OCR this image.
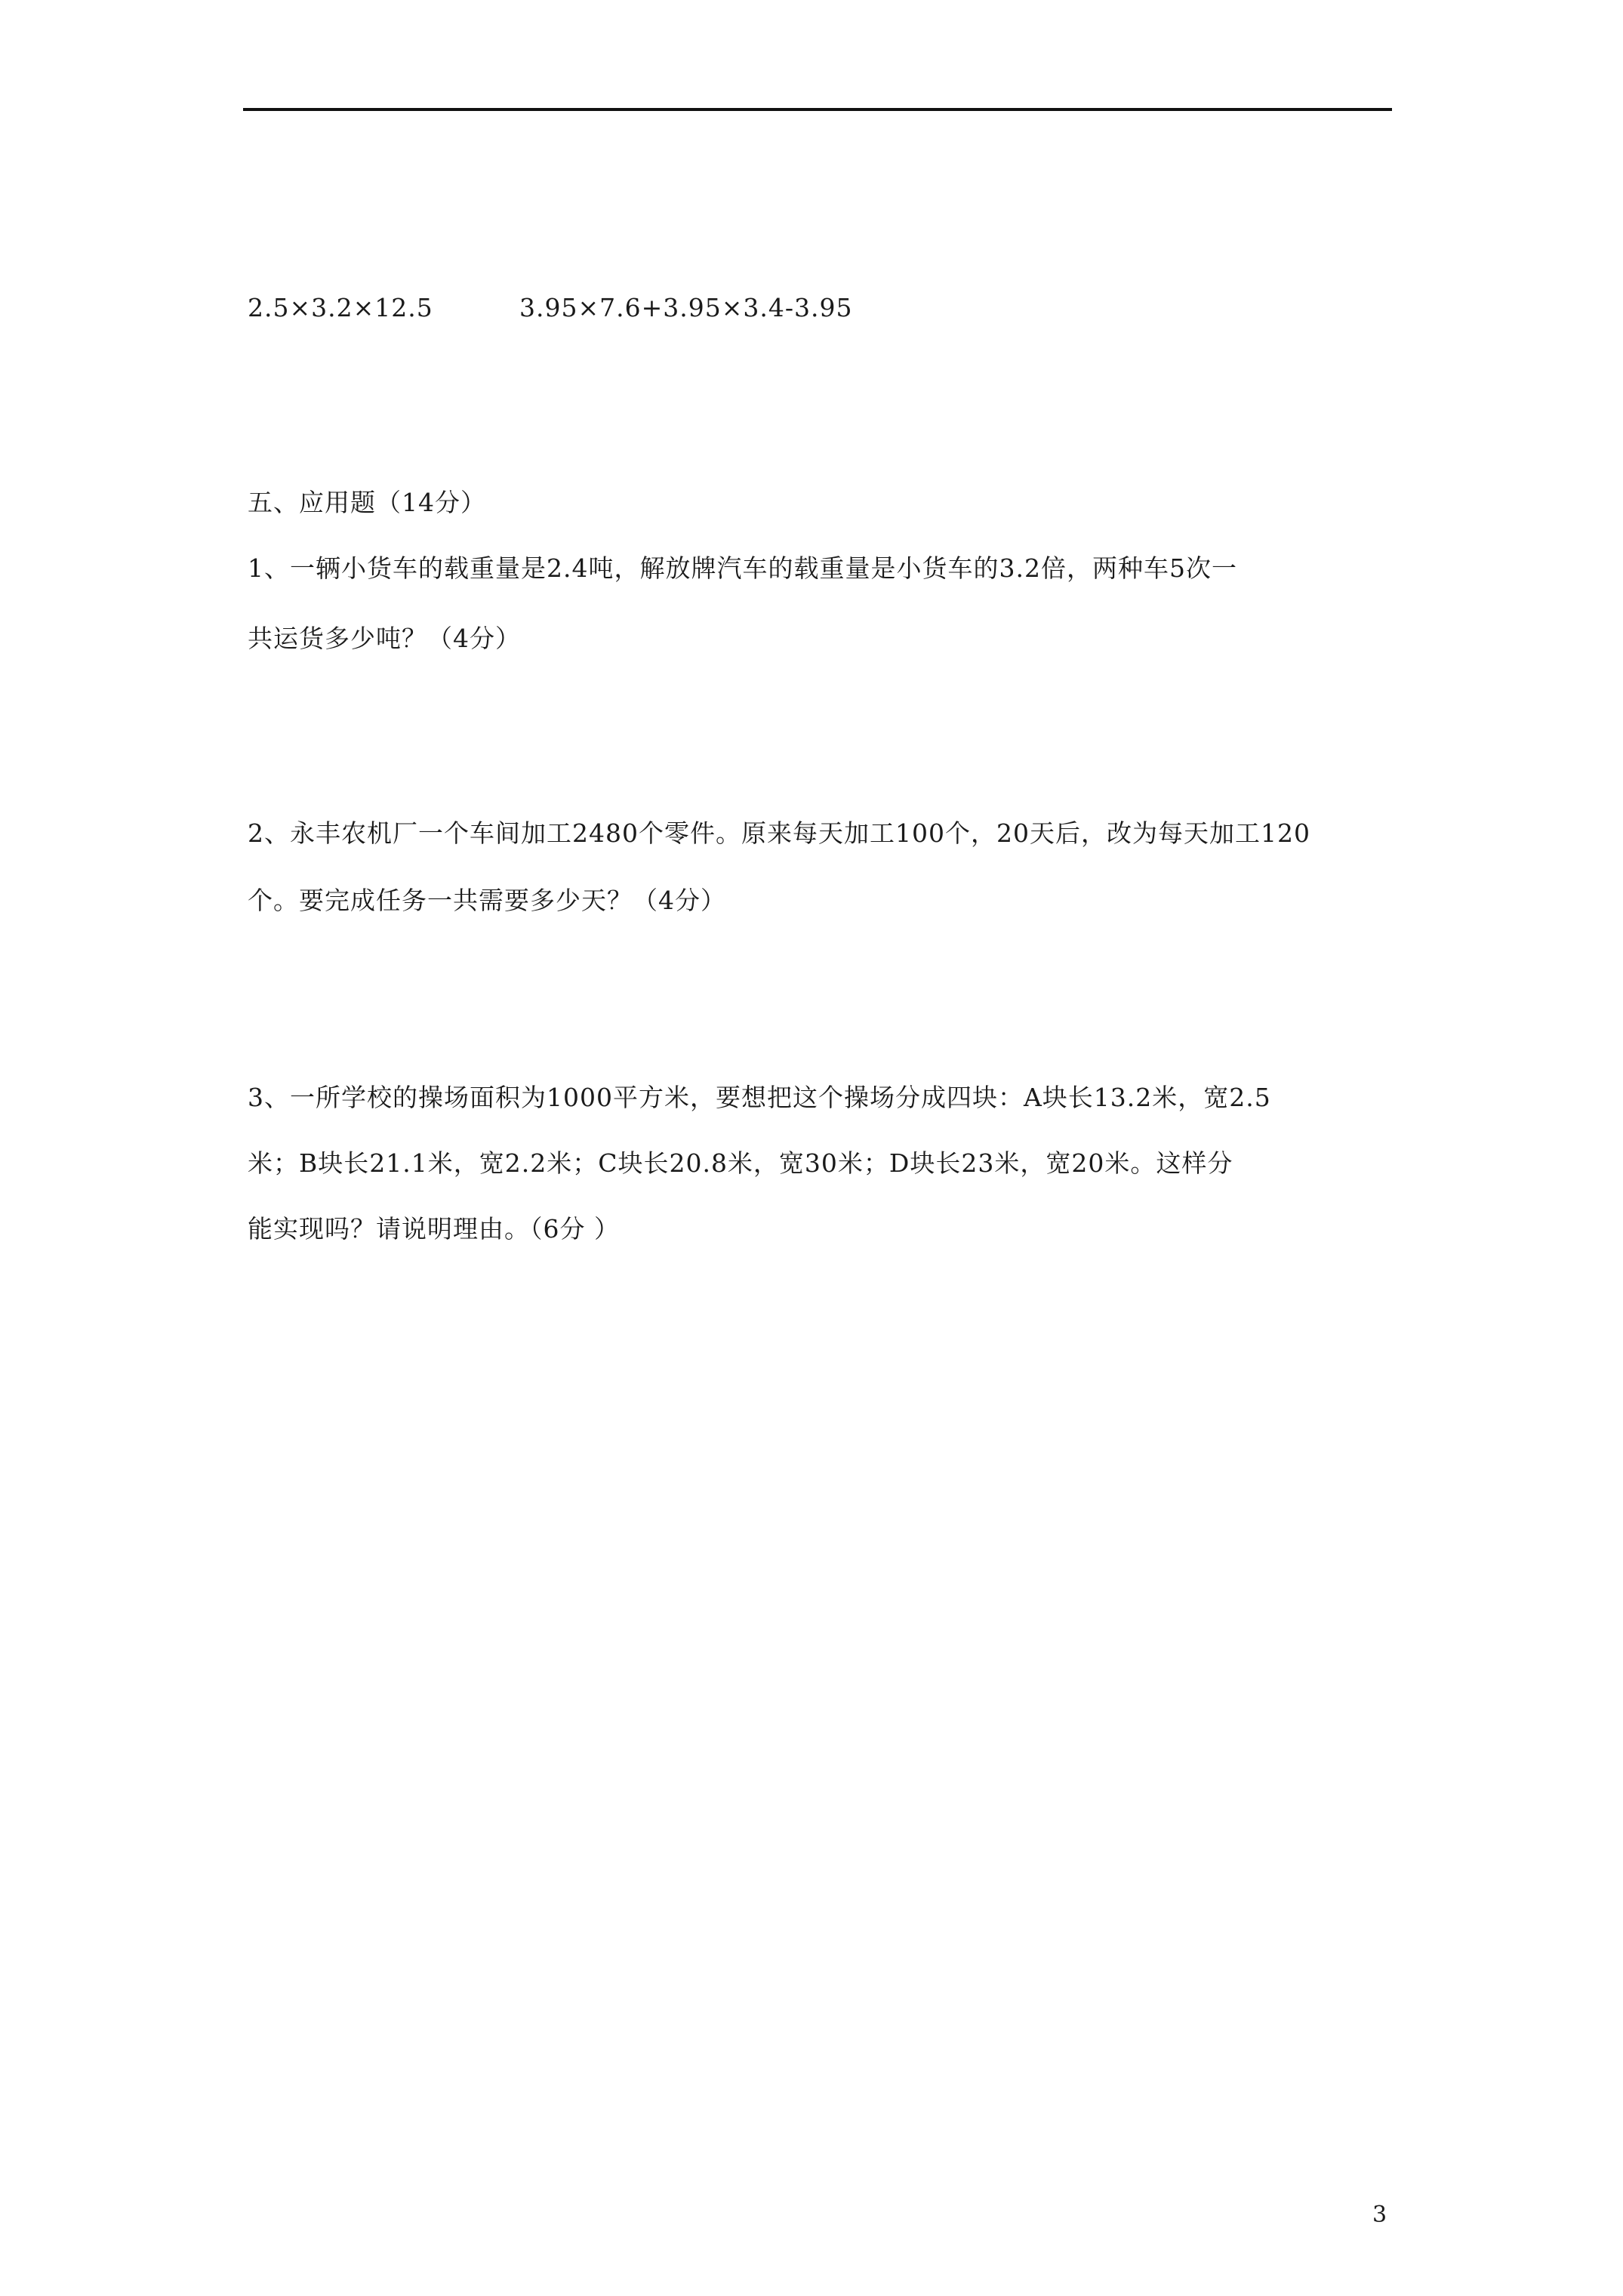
2.5×3.2×12.5	3.95×7.6+3.95×3.4-3.95
五、应用题（14分）
1、一辆小货车的载重量是2.4吨，解放牌汽车的载重量是小货车的3.2倍，两种车5次一
共运货多少吨？（4分）
2、永丰农机厂一个车间加工2480个零件。原来每天加工100个，20天后，改为每天加工120
个。要完成任务一共需要多少天？（4分）
3、一所学校的操场面积为1000平方米，要想把这个操场分成四块：A块长13.2米，宽2.5
米；B块长21.1米，宽2.2米；C块长20.8米，宽30米；D块长23米，宽20米。这样分
能实现吗？请说明理由。（6分 ）
3
